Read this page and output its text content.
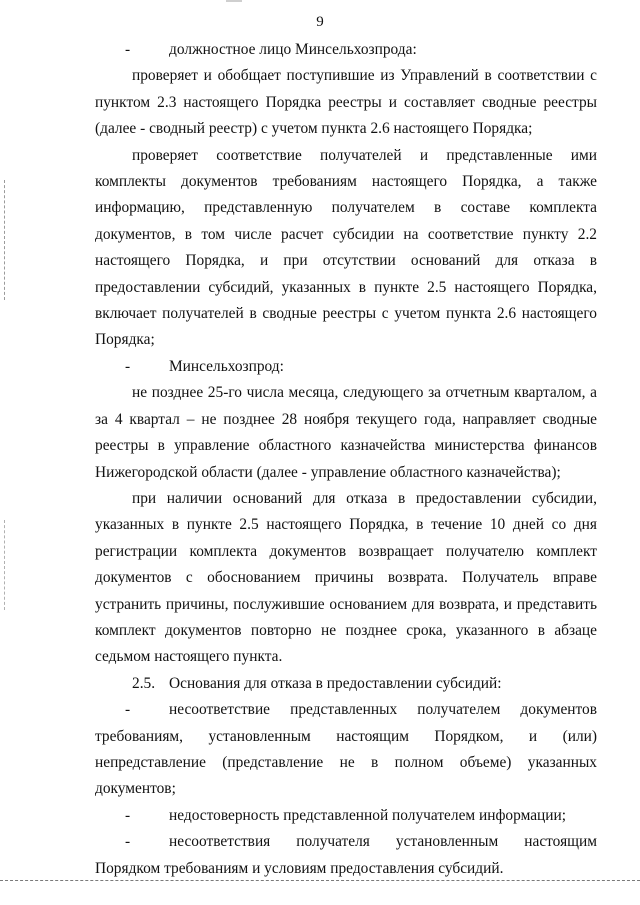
9

-	должностное лицо Минсельхозпрода:

проверяет и обобщает поступившие из Управлений в соответствии с пунктом 2.3 настоящего Порядка реестры и составляет сводные реестры (далее - сводный реестр) с учетом пункта 2.6 настоящего Порядка;

проверяет соответствие получателей и представленные ими комплекты документов требованиям настоящего Порядка, а также информацию, представленную получателем в составе комплекта документов, в том числе расчет субсидии на соответствие пункту 2.2 настоящего Порядка, и при отсутствии оснований для отказа в предоставлении субсидий, указанных в пункте 2.5 настоящего Порядка, включает получателей в сводные реестры с учетом пункта 2.6 настоящего Порядка;

-	Минсельхозпрод:

не позднее 25-го числа месяца, следующего за отчетным кварталом, а за 4 квартал – не позднее 28 ноября текущего года, направляет сводные реестры в управление областного казначейства министерства финансов Нижегородской области (далее - управление областного казначейства);

при наличии оснований для отказа в предоставлении субсидии, указанных в пункте 2.5 настоящего Порядка, в течение 10 дней со дня регистрации комплекта документов возвращает получателю комплект документов с обоснованием причины возврата. Получатель вправе устранить причины, послужившие основанием для возврата, и представить комплект документов повторно не позднее срока, указанного в абзаце седьмом настоящего пункта.

2.5. Основания для отказа в предоставлении субсидий:

-	несоответствие представленных получателем документов требованиям, установленным настоящим Порядком, и (или) непредставление (представление не в полном объеме) указанных документов;

-	недостоверность представленной получателем информации;

-	несоответствия получателя установленным настоящим Порядком требованиям и условиям предоставления субсидий.
